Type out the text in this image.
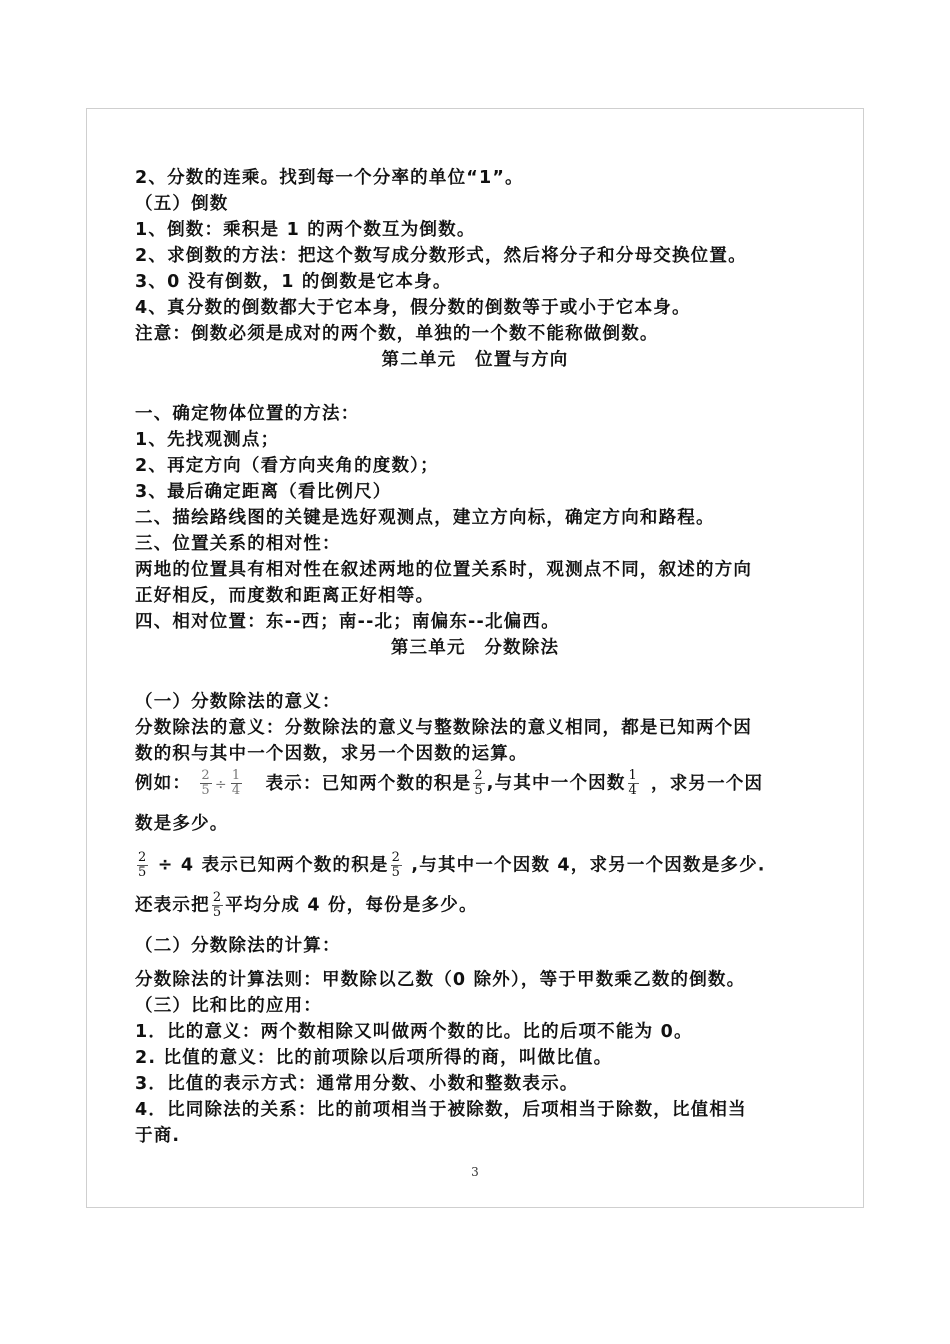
2、分数的连乘。找到每一个分率的单位“1”。
（五）倒数
1、倒数：乘积是 1 的两个数互为倒数。
2、求倒数的方法：把这个数写成分数形式，然后将分子和分母交换位置。
3、0 没有倒数，1 的倒数是它本身。
4、真分数的倒数都大于它本身，假分数的倒数等于或小于它本身。
注意：倒数必须是成对的两个数，单独的一个数不能称做倒数。
第二单元　位置与方向
一、确定物体位置的方法：
1、先找观测点；
2、再定方向（看方向夹角的度数）；
3、最后确定距离（看比例尺）
二、描绘路线图的关键是选好观测点，建立方向标，确定方向和路程。
三、位置关系的相对性：
两地的位置具有相对性在叙述两地的位置关系时，观测点不同，叙述的方向
正好相反，而度数和距离正好相等。
四、相对位置：东--西；南--北；南偏东--北偏西。
第三单元　分数除法
（一）分数除法的意义：
分数除法的意义：分数除法的意义与整数除法的意义相同，都是已知两个因
数的积与其中一个因数，求另一个因数的运算。
例如： $\frac{2}{5} \div \frac{1}{4}$ 表示：已知两个数的积是 $\frac{2}{5}$ ,与其中一个因数 $\frac{1}{4}$ ，求另一个因
数是多少。
$\frac{2}{5} \div 4$ 表示已知两个数的积是 $\frac{2}{5}$ ,与其中一个因数 4，求另一个因数是多少.
还表示把 $\frac{2}{5}$ 平均分成 4 份，每份是多少。
（二）分数除法的计算：
分数除法的计算法则：甲数除以乙数（0 除外），等于甲数乘乙数的倒数。
（三）比和比的应用：
1．比的意义：两个数相除又叫做两个数的比。比的后项不能为 0。
2. 比值的意义：比的前项除以后项所得的商，叫做比值。
3．比值的表示方式：通常用分数、小数和整数表示。
4．比同除法的关系：比的前项相当于被除数，后项相当于除数，比值相当
于商.
3
